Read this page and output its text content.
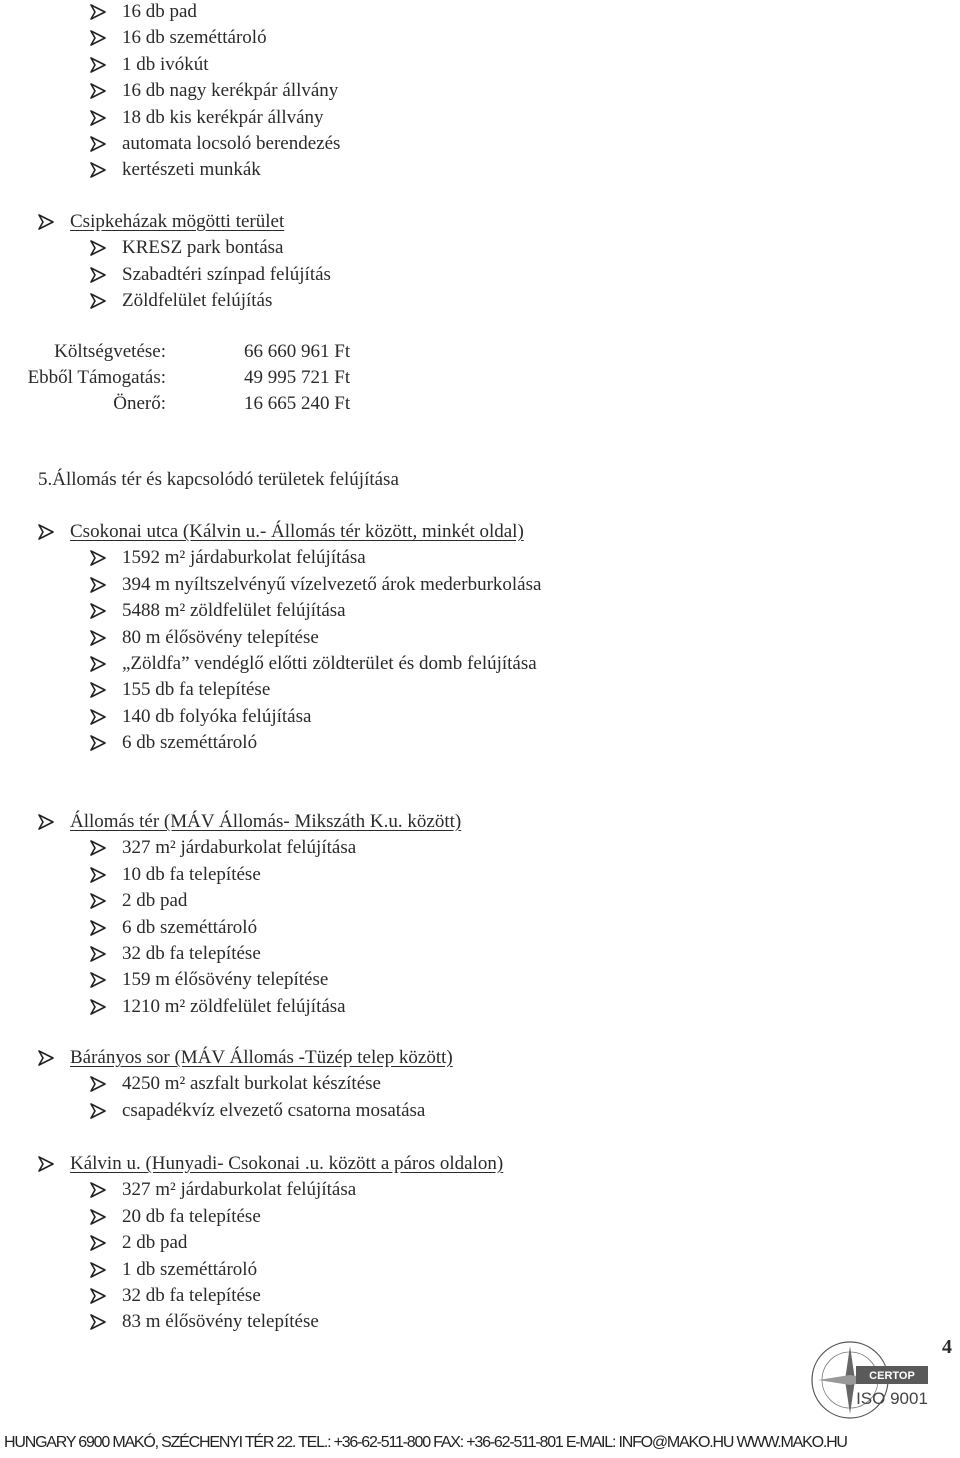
16 db pad
16 db szeméttároló
1 db ivókút
16 db nagy kerékpár állvány
18 db kis kerékpár állvány
automata locsoló berendezés
kertészeti munkák
Csipkeházak mögötti terület
KRESZ park bontása
Szabadtéri színpad felújítás
Zöldfelület felújítás
Költségvetése:	66 660 961 Ft
Ebből Támogatás:	49 995 721 Ft
Önerő:	16 665 240 Ft
5.Állomás tér és kapcsolódó területek felújítása
Csokonai utca (Kálvin u.- Állomás tér között, minkét oldal)
1592 m² járdaburkolat felújítása
394 m nyíltszelvényű vízelvezető árok mederburkolása
5488 m² zöldfelület felújítása
80 m élősövény telepítése
„Zöldfa” vendéglő előtti zöldterület és domb felújítása
155 db fa telepítése
140 db folyóka felújítása
6 db szeméttároló
Állomás tér (MÁV Állomás- Mikszáth K.u. között)
327 m² járdaburkolat felújítása
10 db fa telepítése
2 db pad
6 db szeméttároló
32 db fa telepítése
159 m élősövény telepítése
1210 m² zöldfelület felújítása
Bárányos sor (MÁV Állomás -Tüzép telep között)
4250 m² aszfalt burkolat készítése
csapadékvíz elvezető csatorna mosatása
Kálvin u. (Hunyadi- Csokonai .u. között a páros oldalon)
327 m² járdaburkolat felújítása
20 db fa telepítése
2 db pad
1 db szeméttároló
32 db fa telepítése
83 m élősövény telepítése
4
CERTOP
ISO 9001
HUNGARY 6900 MAKÓ, SZÉCHENYI TÉR 22. TEL.: +36-62-511-800 FAX: +36-62-511-801 E-MAIL: INFO@MAKO.HU WWW.MAKO.HU
